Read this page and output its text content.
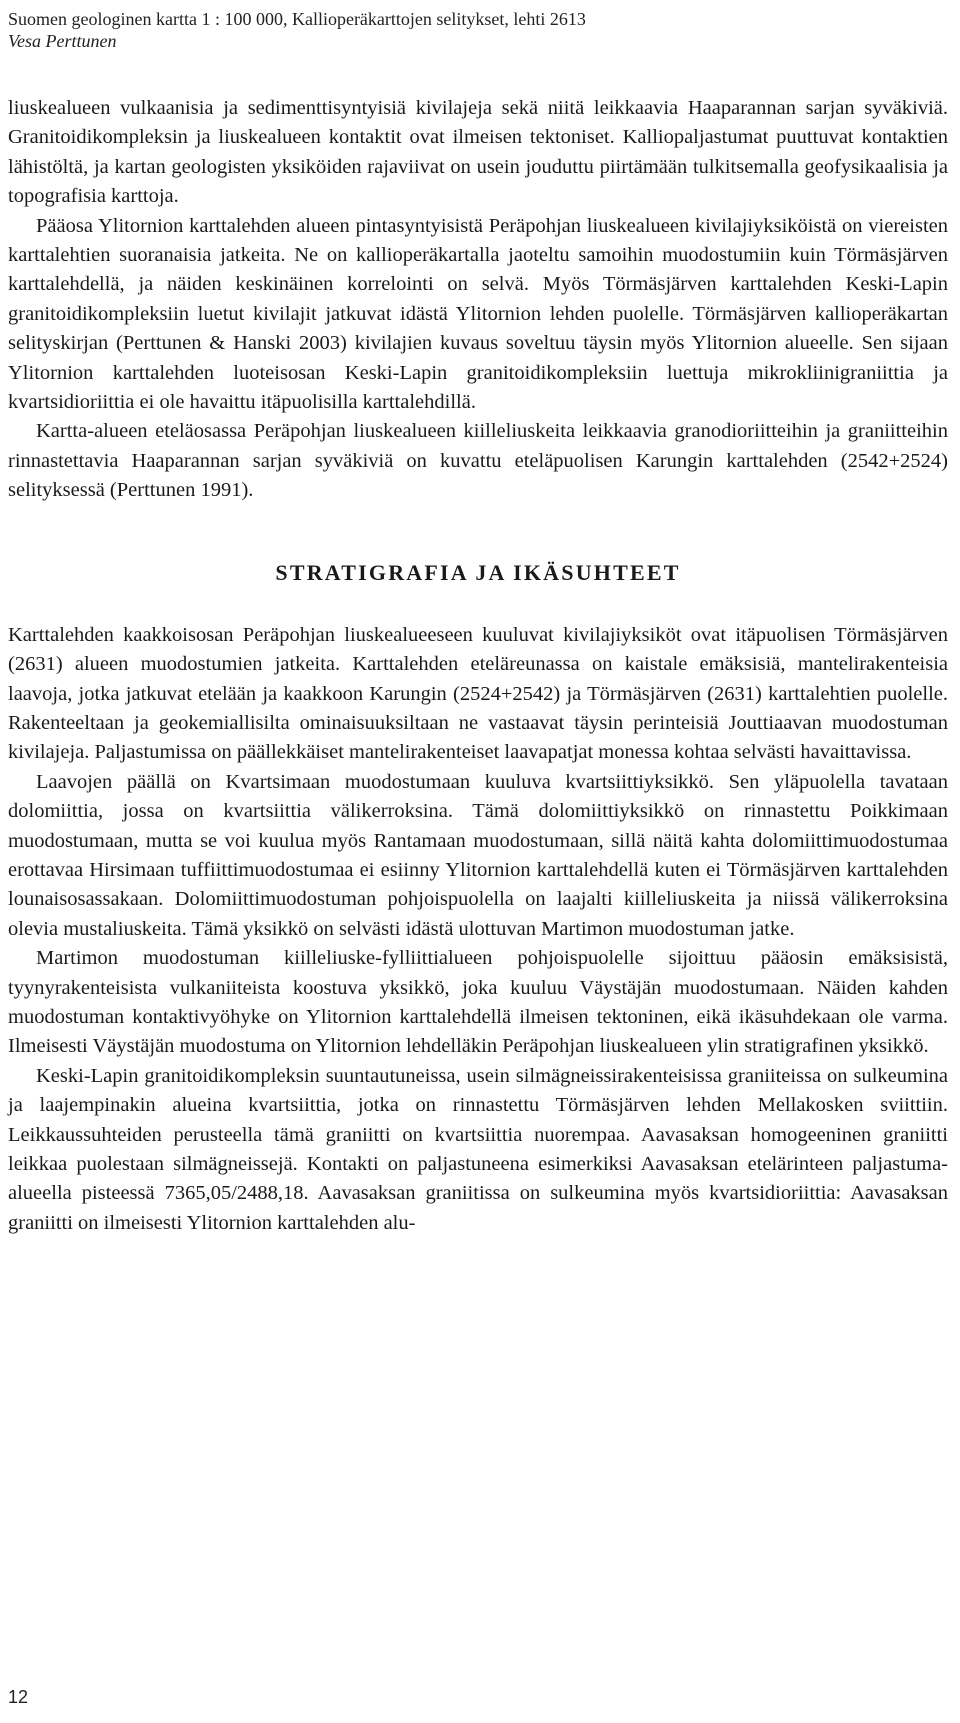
Suomen geologinen kartta 1 : 100 000, Kallioperäkarttojen selitykset, lehti 2613
Vesa Perttunen

liuskealueen vulkaanisia ja sedimenttisyntyisiä kivilajeja sekä niitä leikkaavia Haaparannan sarjan syväkiviä. Granitoidikompleksin ja liuskealueen kontaktit ovat ilmeisen tektoniset. Kalliopaljastumat puuttuvat kontaktien lähistöltä, ja kartan geologisten yksiköiden rajaviivat on usein jouduttu piirtämään tulkitsemalla geofysikaalisia ja topografisia karttoja.

Pääosa Ylitornion karttalehden alueen pintasyntyisistä Peräpohjan liuskealueen kivilajiyksiköistä on viereisten karttalehtien suoranaisia jatkeita. Ne on kallioperäkartalla jaoteltu samoihin muodostumiin kuin Törmäsjärven karttalehdellä, ja näiden keskinäinen korrelointi on selvä. Myös Törmäsjärven karttalehden Keski-Lapin granitoidikompleksiin luetut kivilajit jatkuvat idästä Ylitornion lehden puolelle. Törmäsjärven kallioperäkartan selityskirjan (Perttunen & Hanski 2003) kivilajien kuvaus soveltuu täysin myös Ylitornion alueelle. Sen sijaan Ylitornion karttalehden luoteisosan Keski-Lapin granitoidikompleksiin luettuja mikrokliinigraniittia ja kvartsidioriittia ei ole havaittu itäpuolisilla karttalehdillä.

Kartta-alueen eteläosassa Peräpohjan liuskealueen kiilleliuskeita leikkaavia granodioriitteihin ja graniitteihin rinnastettavia Haaparannan sarjan syväkiviä on kuvattu eteläpuolisen Karungin karttalehden (2542+2524) selityksessä (Perttunen 1991).

STRATIGRAFIA JA IKÄSUHTEET

Karttalehden kaakkoisosan Peräpohjan liuskealueeseen kuuluvat kivilajiyksiköt ovat itäpuolisen Törmäsjärven (2631) alueen muodostumien jatkeita. Karttalehden eteläreunassa on kaistale emäksisiä, mantelirakenteisia laavoja, jotka jatkuvat etelään ja kaakkoon Karungin (2524+2542) ja Törmäsjärven (2631) karttalehtien puolelle. Rakenteeltaan ja geokemiallisilta ominaisuuksiltaan ne vastaavat täysin perinteisiä Jouttiaavan muodostuman kivilajeja. Paljastumissa on päällekkäiset mantelirakenteiset laavapatjat monessa kohtaa selvästi havaittavissa.

Laavojen päällä on Kvartsimaan muodostumaan kuuluva kvartsiittiyksikkö. Sen yläpuolella tavataan dolomiittia, jossa on kvartsiittia välikerroksina. Tämä dolomiittiyksikkö on rinnastettu Poikkimaan muodostumaan, mutta se voi kuulua myös Rantamaan muodostumaan, sillä näitä kahta dolomiittimuodostumaa erottavaa Hirsimaan tuffiittimuodostumaa ei esiinny Ylitornion karttalehdellä kuten ei Törmäsjärven karttalehden lounaisosassakaan. Dolomiittimuodostuman pohjoispuolella on laajalti kiilleliuskeita ja niissä välikerroksina olevia mustaliuskeita. Tämä yksikkö on selvästi idästä ulottuvan Martimon muodostuman jatke.

Martimon muodostuman kiilleliuske-fylliittialueen pohjoispuolelle sijoittuu pääosin emäksisistä, tyynyrakenteisista vulkaniiteista koostuva yksikkö, joka kuuluu Väystäjän muodostumaan. Näiden kahden muodostuman kontaktivyöhyke on Ylitornion karttalehdellä ilmeisen tektoninen, eikä ikäsuhdekaan ole varma. Ilmeisesti Väystäjän muodostuma on Ylitornion lehdelläkin Peräpohjan liuskealueen ylin stratigrafinen yksikkö.

Keski-Lapin granitoidikompleksin suuntautuneissa, usein silmägneissirakenteisissa graniiteissa on sulkeumina ja laajempinakin alueina kvartsiittia, jotka on rinnastettu Törmäsjärven lehden Mellakosken sviittiin. Leikkaussuhteiden perusteella tämä graniitti on kvartsiittia nuorempaa. Aavasaksan homogeeninen graniitti leikkaa puolestaan silmägneissejä. Kontakti on paljastuneena esimerkiksi Aavasaksan etelärinteen paljastuma-alueella pisteessä 7365,05/2488,18. Aavasaksan graniitissa on sulkeumina myös kvartsidioriittia: Aavasaksan graniitti on ilmeisesti Ylitornion karttalehden alu-

12
